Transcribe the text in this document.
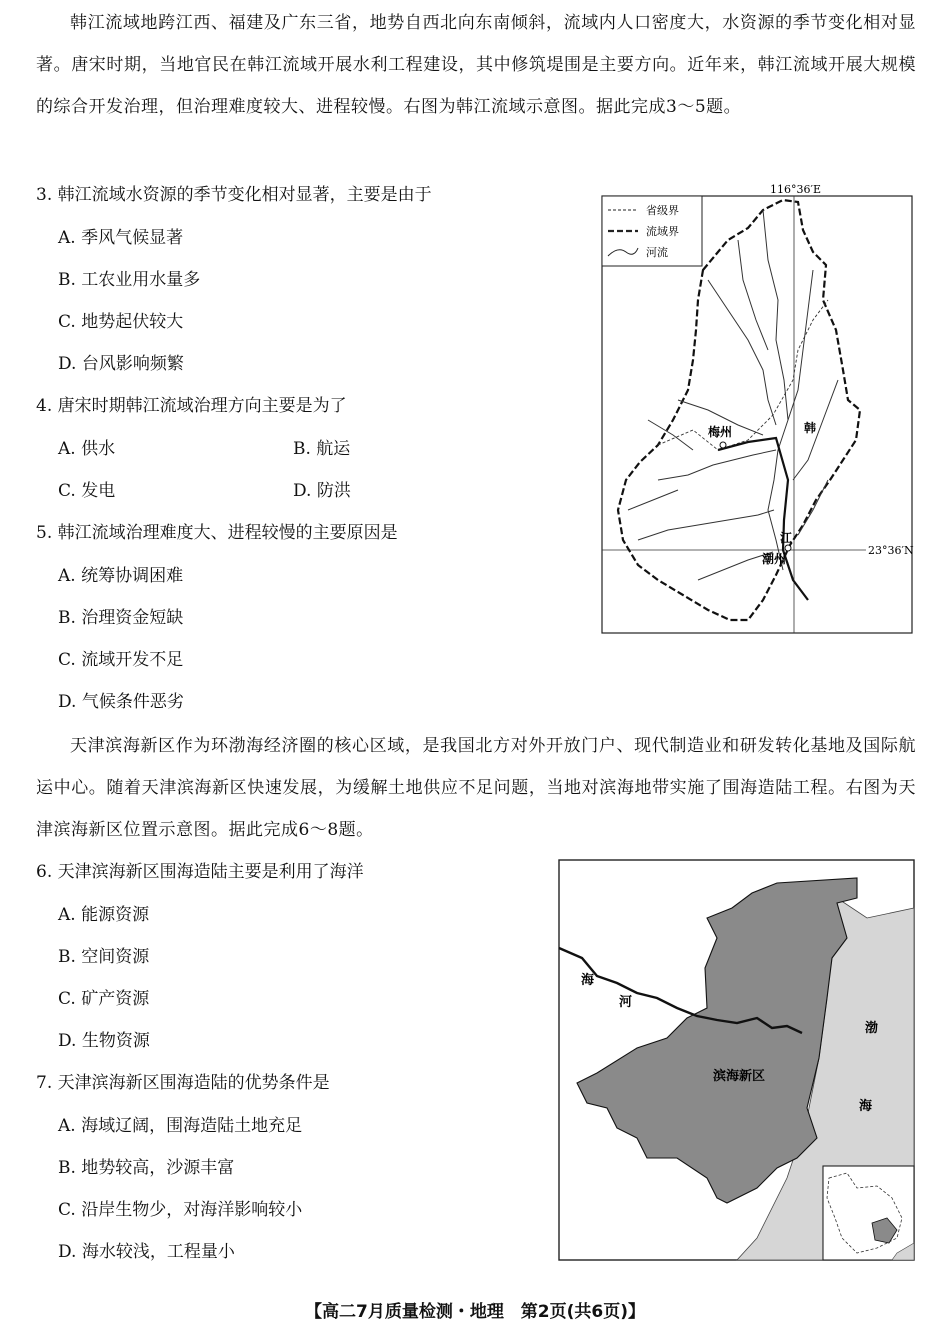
韩江流域地跨江西、福建及广东三省，地势自西北向东南倾斜，流域内人口密度大，水资源的季节变化相对显著。唐宋时期，当地官民在韩江流域开展水利工程建设，其中修筑堤围是主要方向。近年来，韩江流域开展大规模的综合开发治理，但治理难度较大、进程较慢。右图为韩江流域示意图。据此完成3～5题。

3. 韩江流域水资源的季节变化相对显著，主要是由于
A. 季风气候显著
B. 工农业用水量多
C. 地势起伏较大
D. 台风影响频繁
4. 唐宋时期韩江流域治理方向主要是为了
A. 供水	B. 航运
C. 发电	D. 防洪
5. 韩江流域治理难度大、进程较慢的主要原因是
A. 统筹协调困难
B. 治理资金短缺
C. 流域开发不足
D. 气候条件恶劣

天津滨海新区作为环渤海经济圈的核心区域，是我国北方对外开放门户、现代制造业和研发转化基地及国际航运中心。随着天津滨海新区快速发展，为缓解土地供应不足问题，当地对滨海地带实施了围海造陆工程。右图为天津滨海新区位置示意图。据此完成6～8题。

6. 天津滨海新区围海造陆主要是利用了海洋
A. 能源资源
B. 空间资源
C. 矿产资源
D. 生物资源
7. 天津滨海新区围海造陆的优势条件是
A. 海域辽阔，围海造陆土地充足
B. 地势较高，沙源丰富
C. 沿岸生物少，对海洋影响较小
D. 海水较浅，工程量小
116°36′E
23°36′N
省级界
流域界
河流
梅州
潮州
韩
江
海
河
滨海新区
渤
海
【高二7月质量检测・地理　第2页(共6页)】
